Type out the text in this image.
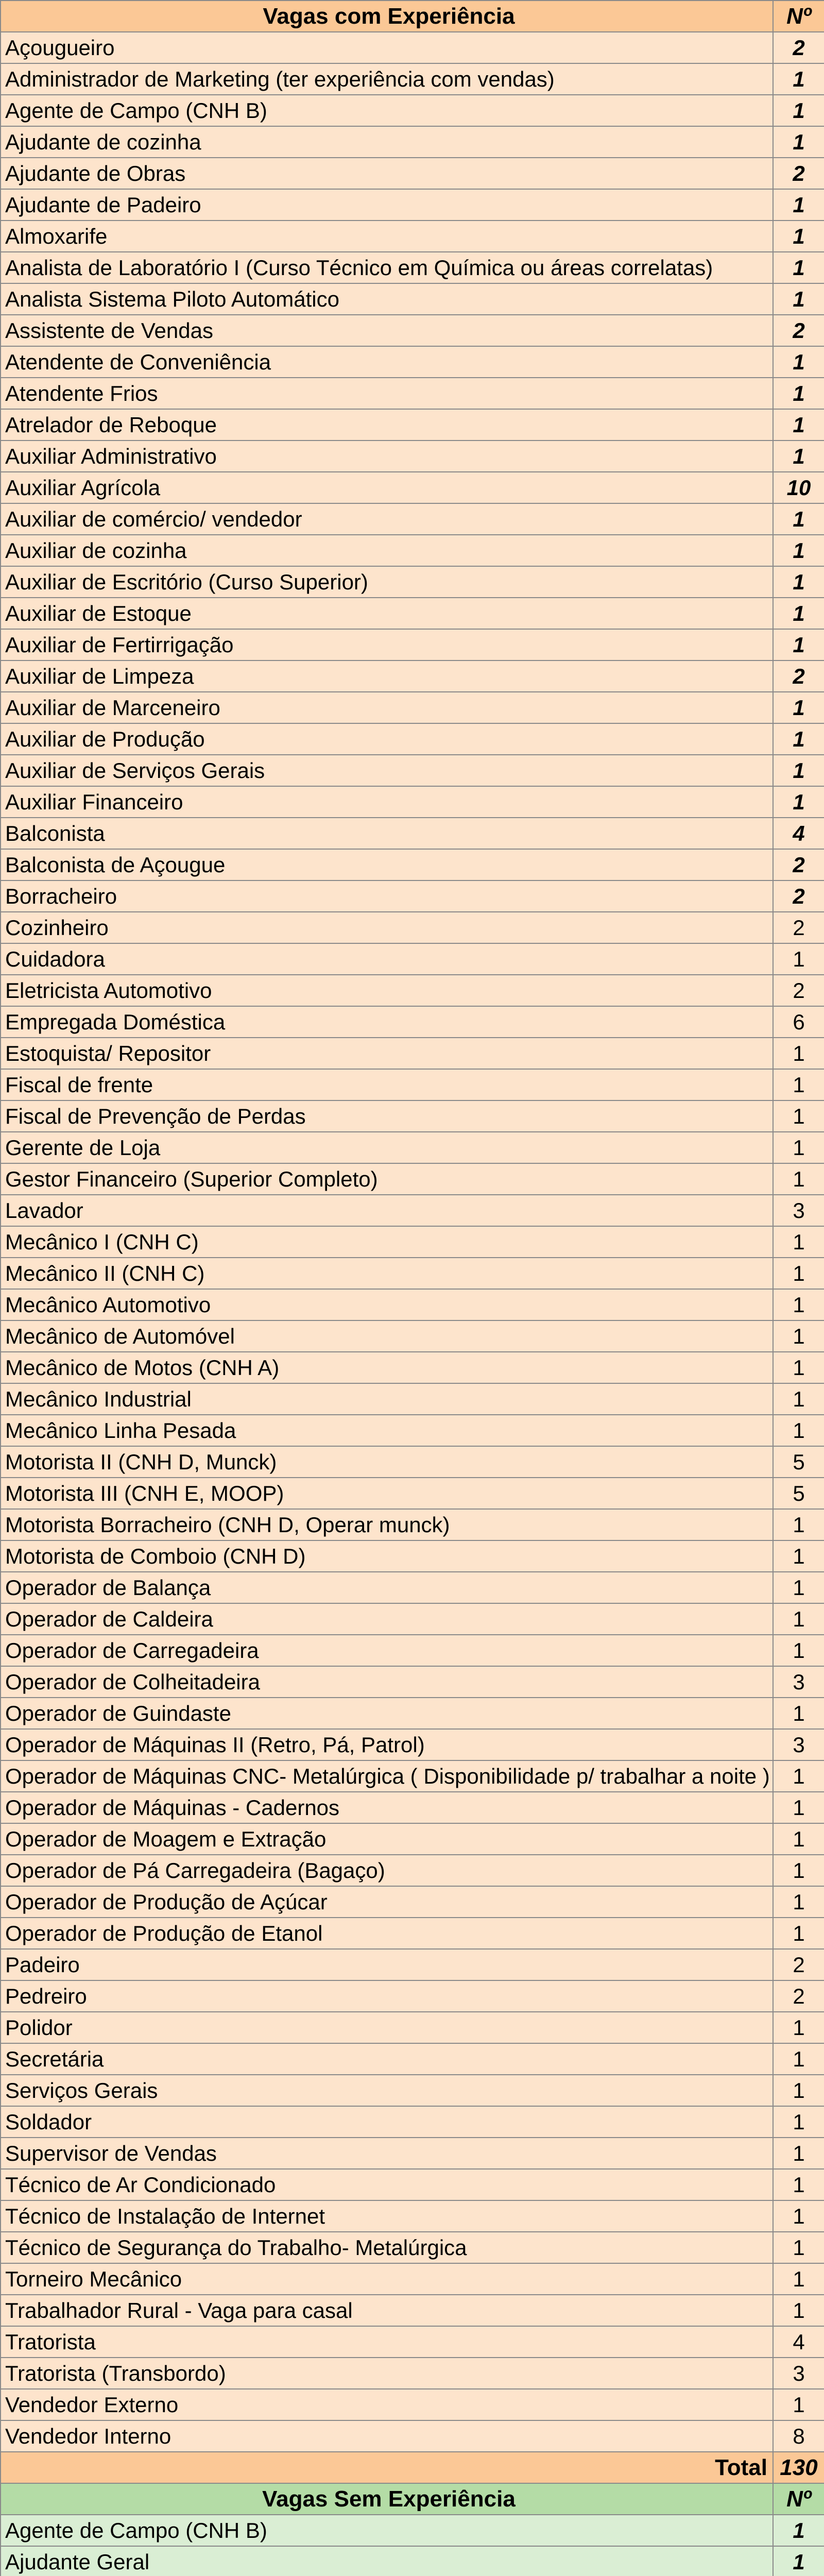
Vagas com Experiência	Nº
Açougueiro	2
Administrador de Marketing (ter experiência com vendas)	1
Agente de Campo (CNH B)	1
Ajudante de cozinha	1
Ajudante de Obras	2
Ajudante de Padeiro	1
Almoxarife	1
Analista de Laboratório I (Curso Técnico em Química ou áreas correlatas)	1
Analista Sistema Piloto Automático	1
Assistente de Vendas	2
Atendente de Conveniência	1
Atendente Frios	1
Atrelador de Reboque	1
Auxiliar Administrativo	1
Auxiliar Agrícola	10
Auxiliar de comércio/ vendedor	1
Auxiliar de cozinha	1
Auxiliar de Escritório (Curso Superior)	1
Auxiliar de Estoque	1
Auxiliar de Fertirrigação	1
Auxiliar de Limpeza	2
Auxiliar de Marceneiro	1
Auxiliar de Produção	1
Auxiliar de Serviços Gerais	1
Auxiliar Financeiro	1
Balconista	4
Balconista de Açougue	2
Borracheiro	2
Cozinheiro	2
Cuidadora	1
Eletricista Automotivo	2
Empregada Doméstica	6
Estoquista/ Repositor	1
Fiscal de frente	1
Fiscal de Prevenção de Perdas	1
Gerente de Loja	1
Gestor Financeiro (Superior Completo)	1
Lavador	3
Mecânico I (CNH C)	1
Mecânico II (CNH C)	1
Mecânico Automotivo	1
Mecânico de Automóvel	1
Mecânico de Motos (CNH A)	1
Mecânico Industrial	1
Mecânico Linha Pesada	1
Motorista II (CNH D, Munck)	5
Motorista III (CNH E, MOOP)	5
Motorista Borracheiro (CNH D, Operar munck)	1
Motorista de Comboio (CNH D)	1
Operador de Balança	1
Operador de Caldeira	1
Operador de Carregadeira	1
Operador de Colheitadeira	3
Operador de Guindaste	1
Operador de Máquinas II (Retro, Pá, Patrol)	3
Operador de Máquinas CNC- Metalúrgica ( Disponibilidade p/ trabalhar a noite )	1
Operador de Máquinas - Cadernos	1
Operador de Moagem e Extração	1
Operador de Pá Carregadeira (Bagaço)	1
Operador de Produção de Açúcar	1
Operador de Produção de Etanol	1
Padeiro	2
Pedreiro	2
Polidor	1
Secretária	1
Serviços Gerais	1
Soldador	1
Supervisor de Vendas	1
Técnico de Ar Condicionado	1
Técnico de Instalação de Internet	1
Técnico de Segurança do Trabalho- Metalúrgica	1
Torneiro Mecânico	1
Trabalhador Rural - Vaga para casal	1
Tratorista	4
Tratorista (Transbordo)	3
Vendedor Externo	1
Vendedor Interno	8
Total	130
Vagas Sem Experiência	Nº
Agente de Campo (CNH B)	1
Ajudante Geral	1
